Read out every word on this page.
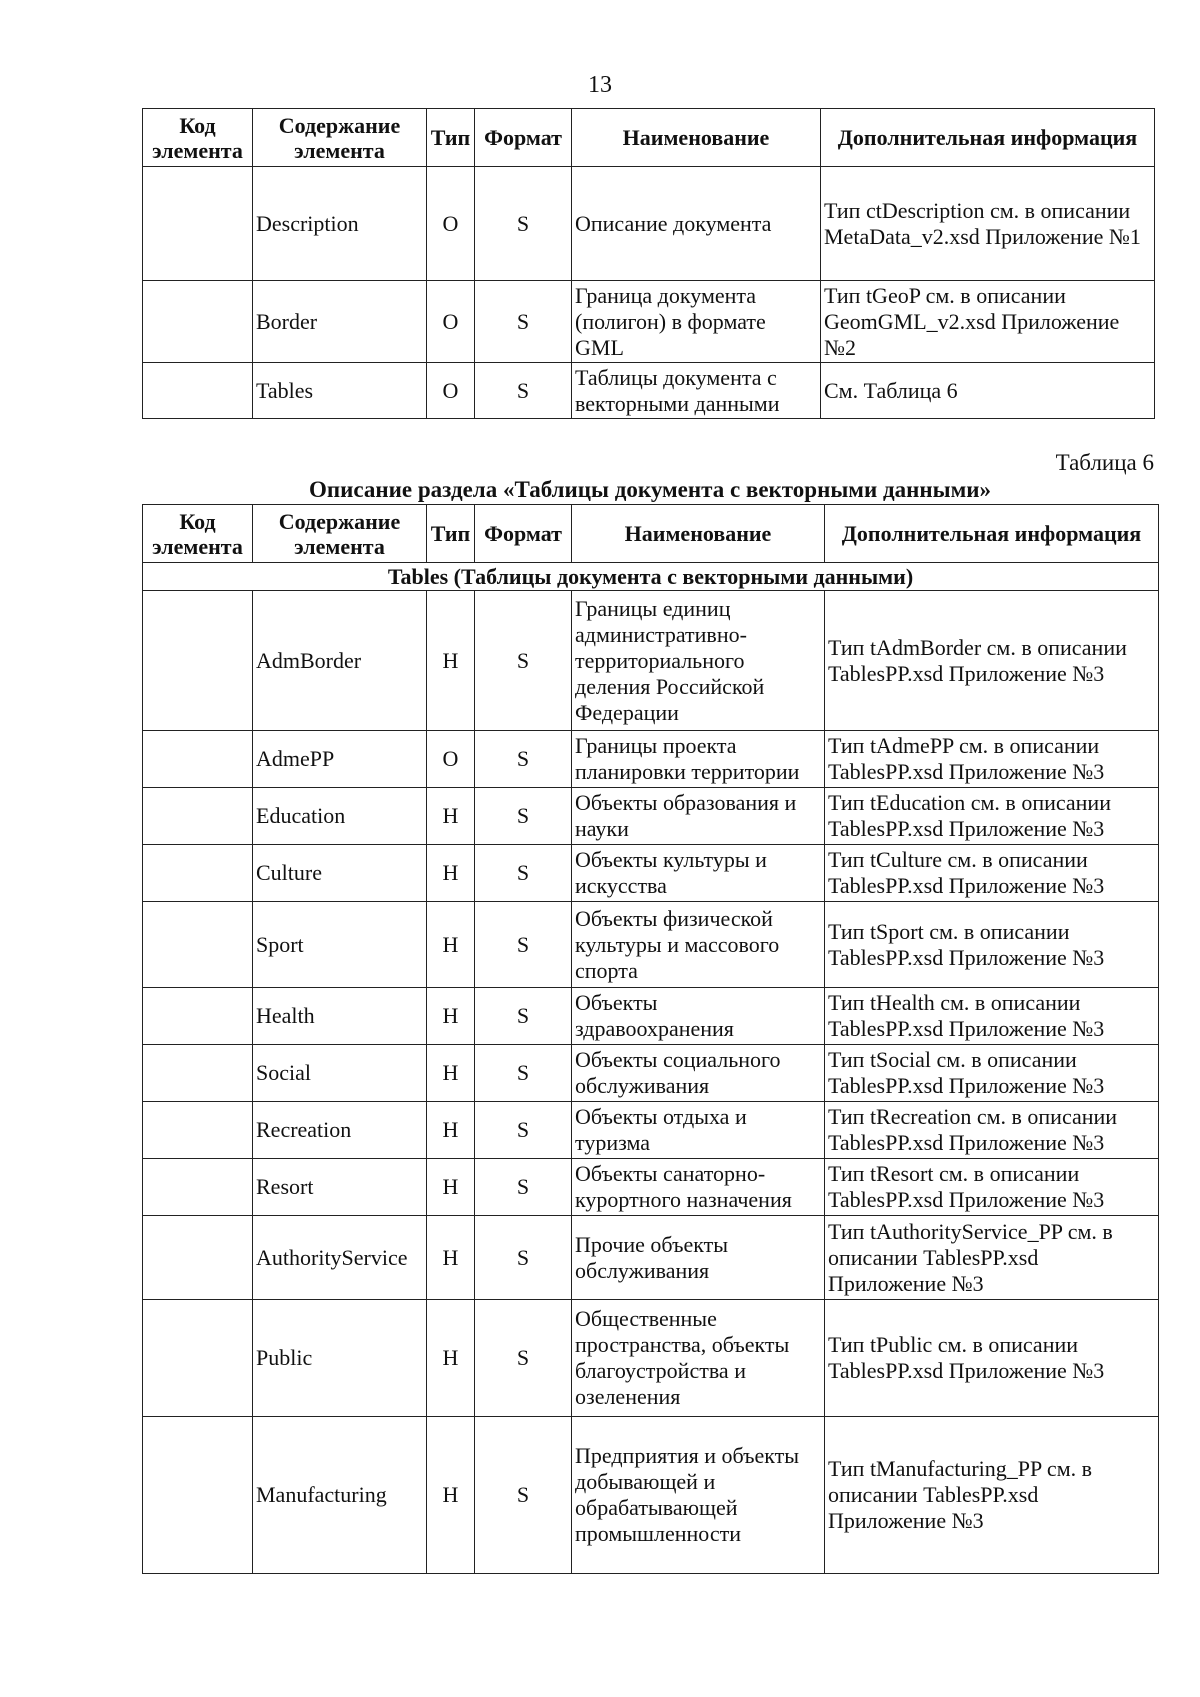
13
Код элемента	Содержание элемента	Тип	Формат	Наименование	Дополнительная информация
	Description	O	S	Описание документа	Тип ctDescription см. в описании MetaData_v2.xsd Приложение №1
	Border	O	S	Граница документа (полигон) в формате GML	Тип tGeoP см. в описании GeomGML_v2.xsd Приложение №2
	Tables	O	S	Таблицы документа с векторными данными	См. Таблица 6
Таблица 6
Описание раздела «Таблицы документа с векторными данными»
Код элемента	Содержание элемента	Тип	Формат	Наименование	Дополнительная информация
Tables (Таблицы документа с векторными данными)					
	AdmBorder	H	S	Границы единиц административно-территориального деления Российской Федерации	Тип tAdmBorder см. в описании TablesPP.xsd Приложение №3
	AdmePP	O	S	Границы проекта планировки территории	Тип tAdmePP см. в описании TablesPP.xsd Приложение №3
	Education	H	S	Объекты образования и науки	Тип tEducation см. в описании TablesPP.xsd Приложение №3
	Culture	H	S	Объекты культуры и искусства	Тип tCulture см. в описании TablesPP.xsd Приложение №3
	Sport	H	S	Объекты физической культуры и массового спорта	Тип tSport см. в описании TablesPP.xsd Приложение №3
	Health	H	S	Объекты здравоохранения	Тип tHealth см. в описании TablesPP.xsd Приложение №3
	Social	H	S	Объекты социального обслуживания	Тип tSocial см. в описании TablesPP.xsd Приложение №3
	Recreation	H	S	Объекты отдыха и туризма	Тип tRecreation см. в описании TablesPP.xsd Приложение №3
	Resort	H	S	Объекты санаторно-курортного назначения	Тип tResort см. в описании TablesPP.xsd Приложение №3
	AuthorityService	H	S	Прочие объекты обслуживания	Тип tAuthorityService_PP см. в описании TablesPP.xsd Приложение №3
	Public	H	S	Общественные пространства, объекты благоустройства и озеленения	Тип tPublic см. в описании TablesPP.xsd Приложение №3
	Manufacturing	H	S	Предприятия и объекты добывающей и обрабатывающей промышленности	Тип tManufacturing_PP см. в описании TablesPP.xsd Приложение №3
